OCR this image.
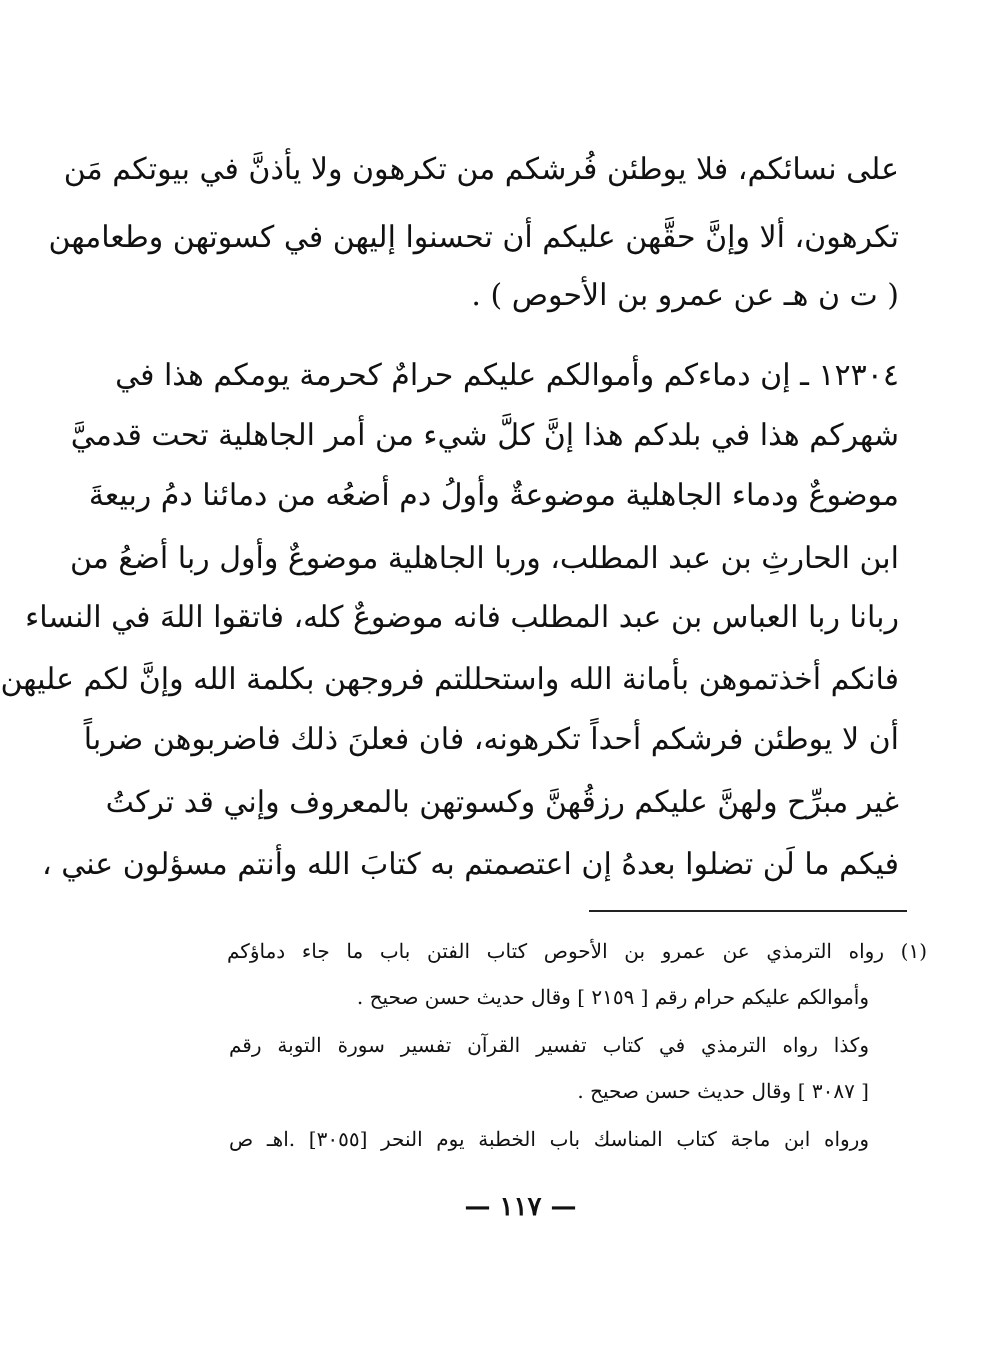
على نسائكم، فلا يوطئن فُرشكم من تكرهون ولا يأذنَّ في بيوتكم مَن
تكرهون، ألا وإنَّ حقَّهن عليكم أن تحسنوا إليهن في كسوتهن وطعامهن
( ت ن هـ عن عمرو بن الأحوص ) .
١٢٣٠٤ ـ إن دماءكم وأموالكم عليكم حرامٌ كحرمة يومكم هذا في
شهركم هذا في بلدكم هذا إنَّ كلَّ شيء من أمر الجاهلية تحت قدميَّ
موضوعٌ ودماء الجاهلية موضوعةٌ وأولُ دم أضعُه من دمائنا دمُ ربيعةَ
ابن الحارثِ بن عبد المطلب، وربا الجاهلية موضوعٌ وأول ربا أضعُ من
ربانا ربا العباس بن عبد المطلب فانه موضوعٌ كله، فاتقوا اللهَ في النساء
فانكم أخذتموهن بأمانة الله واستحللتم فروجهن بكلمة الله وإنَّ لكم عليهن
أن لا يوطئن فرشكم أحداً تكرهونه، فان فعلنَ ذلك فاضربوهن ضرباً
غير مبرِّح ولهنَّ عليكم رزقُهنَّ وكسوتهن بالمعروف وإني قد تركتُ
فيكم ما لَن تضلوا بعدهُ إن اعتصمتم به كتابَ الله وأنتم مسؤلون عني ،
(١) رواه الترمذي عن عمرو بن الأحوص كتاب الفتن باب ما جاء دماؤكم
وأموالكم عليكم حرام رقم [ ٢١٥٩ ] وقال حديث حسن صحيح .
وكذا رواه الترمذي في كتاب تفسير القرآن تفسير سورة التوبة رقم
[ ٣٠٨٧ ] وقال حديث حسن صحيح .
ورواه ابن ماجة كتاب المناسك باب الخطبة يوم النحر [٣٠٥٥] .اهـ ص
— ١١٧ —
